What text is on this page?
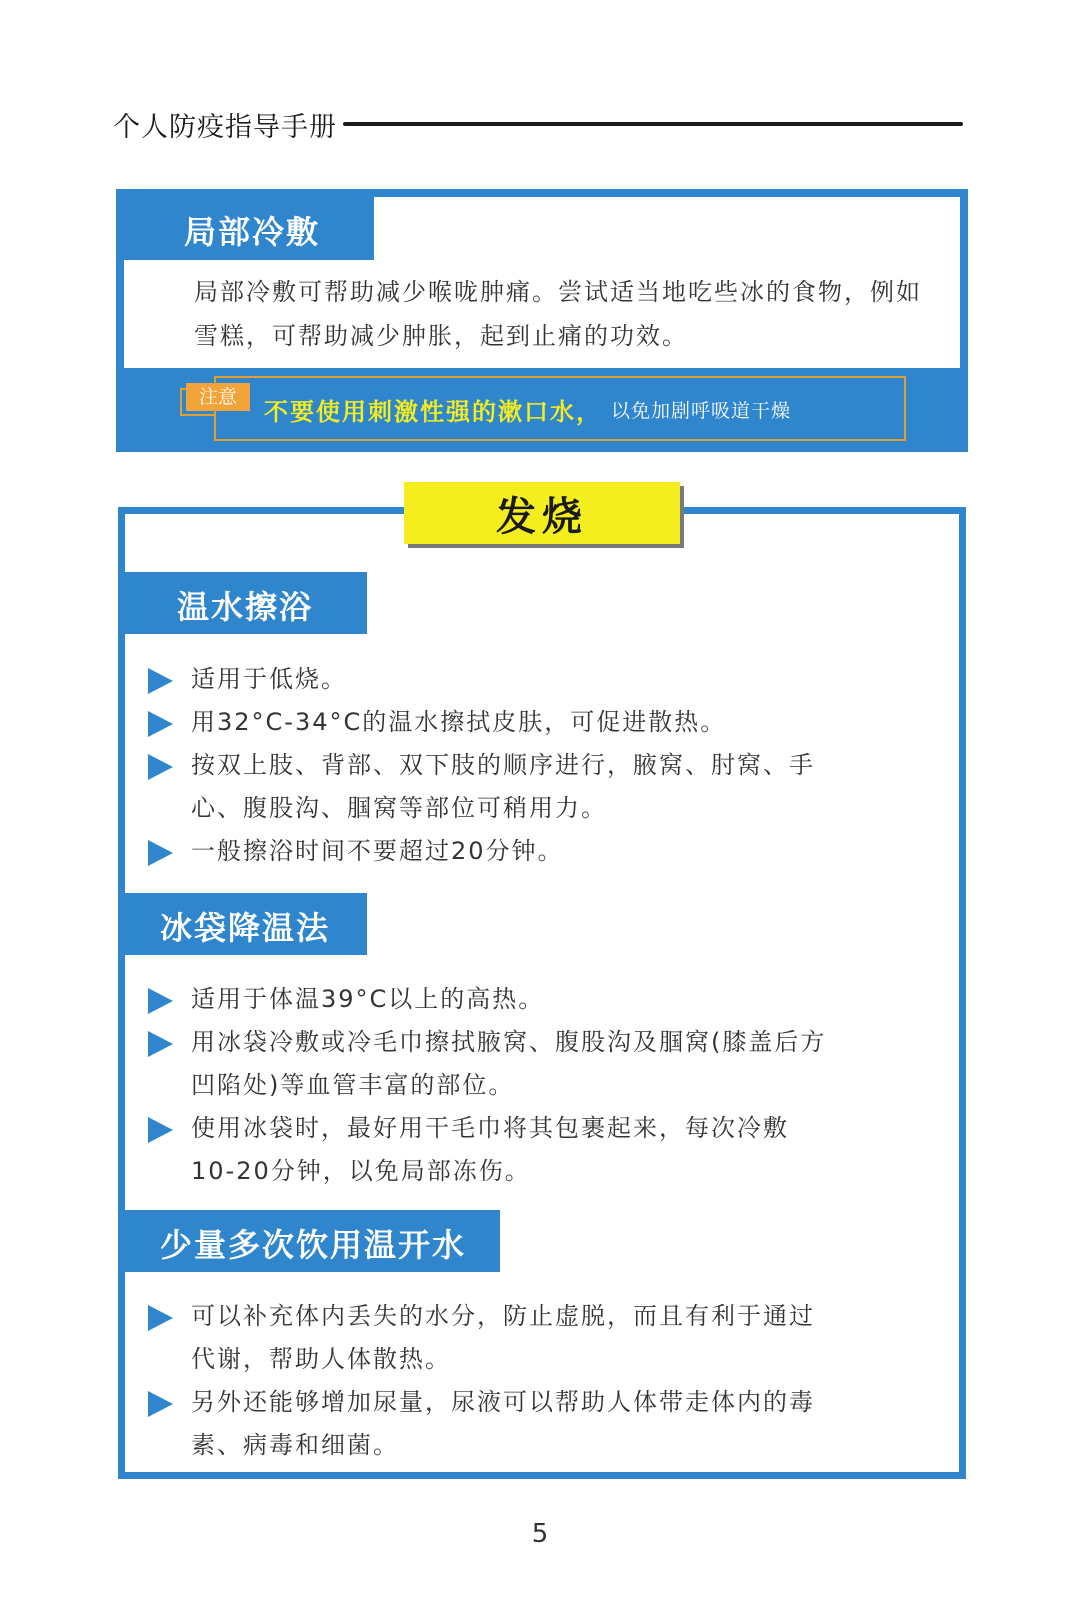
个人防疫指导手册
局部冷敷

局部冷敷可帮助减少喉咙肿痛。尝试适当地吃些冰的食物，例如雪糕，可帮助减少肿胀，起到止痛的功效。

注意
不要使用刺激性强的漱口水， 以免加剧呼吸道干燥
发烧
温水擦浴
适用于低烧。
用32°C-34°C的温水擦拭皮肤，可促进散热。
按双上肢、背部、双下肢的顺序进行，腋窝、肘窝、手心、腹股沟、腘窝等部位可稍用力。
一般擦浴时间不要超过20分钟。
冰袋降温法
适用于体温39°C以上的高热。
用冰袋冷敷或冷毛巾擦拭腋窝、腹股沟及腘窝(膝盖后方凹陷处)等血管丰富的部位。
使用冰袋时，最好用干毛巾将其包裹起来，每次冷敷10-20分钟，以免局部冻伤。
少量多次饮用温开水
可以补充体内丢失的水分，防止虚脱，而且有利于通过代谢，帮助人体散热。
另外还能够增加尿量，尿液可以帮助人体带走体内的毒素、病毒和细菌。
5
